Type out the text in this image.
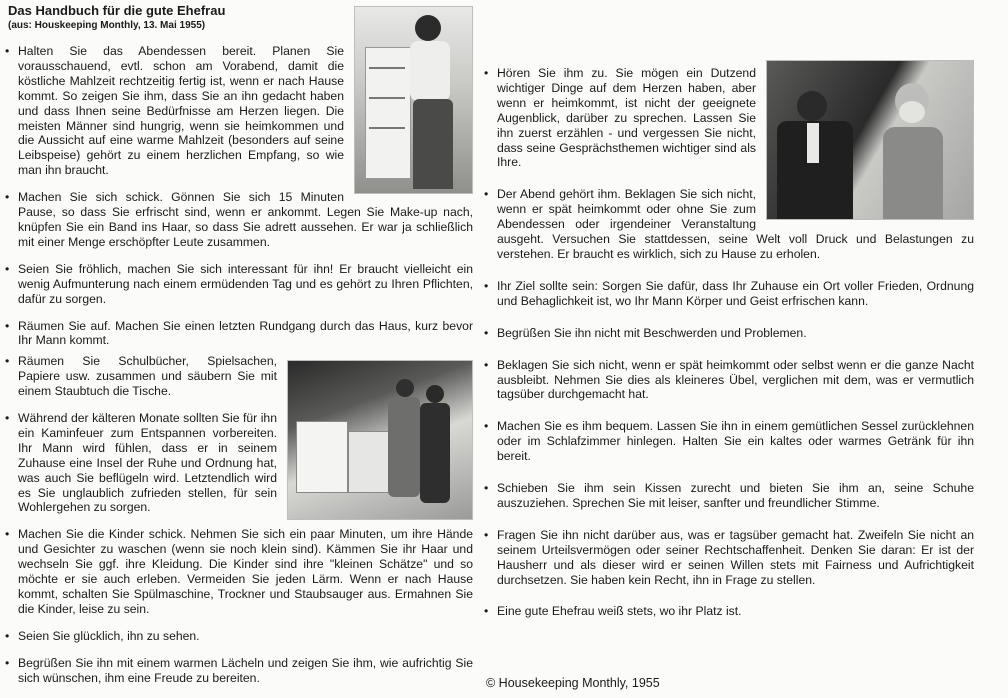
Das Handbuch für die gute Ehefrau
(aus: Houskeeping Monthly, 13. Mai 1955)

• Halten Sie das Abendessen bereit. Planen Sie vorausschauend, evtl. schon am Vorabend, damit die köstliche Mahlzeit rechtzeitig fertig ist, wenn er nach Hause kommt. So zeigen Sie ihm, dass Sie an ihn gedacht haben und dass Ihnen seine Bedürfnisse am Herzen liegen. Die meisten Männer sind hungrig, wenn sie heimkommen und die Aussicht auf eine warme Mahlzeit (besonders auf seine Leibspeise) gehört zu einem herzlichen Empfang, so wie man ihn braucht.

• Machen Sie sich schick. Gönnen Sie sich 15 Minuten Pause, so dass Sie erfrischt sind, wenn er ankommt. Legen Sie Make-up nach, knüpfen Sie ein Band ins Haar, so dass Sie adrett aussehen. Er war ja schließlich mit einer Menge erschöpfter Leute zusammen.

• Seien Sie fröhlich, machen Sie sich interessant für ihn! Er braucht vielleicht ein wenig Aufmunterung nach einem ermüdenden Tag und es gehört zu Ihren Pflichten, dafür zu sorgen.

• Räumen Sie auf. Machen Sie einen letzten Rundgang durch das Haus, kurz bevor Ihr Mann kommt.

• Räumen Sie Schulbücher, Spielsachen, Papiere usw. zusammen und säubern Sie mit einem Staubtuch die Tische.

• Während der kälteren Monate sollten Sie für ihn ein Kaminfeuer zum Entspannen vorbereiten. Ihr Mann wird fühlen, dass er in seinem Zuhause eine Insel der Ruhe und Ordnung hat, was auch Sie beflügeln wird. Letztendlich wird es Sie unglaublich zufrieden stellen, für sein Wohlergehen zu sorgen.

• Machen Sie die Kinder schick. Nehmen Sie sich ein paar Minuten, um ihre Hände und Gesichter zu waschen (wenn sie noch klein sind). Kämmen Sie ihr Haar und wechseln Sie ggf. ihre Kleidung. Die Kinder sind ihre "kleinen Schätze" und so möchte er sie auch erleben. Vermeiden Sie jeden Lärm. Wenn er nach Hause kommt, schalten Sie Spülmaschine, Trockner und Staubsauger aus. Ermahnen Sie die Kinder, leise zu sein.

• Seien Sie glücklich, ihn zu sehen.

• Begrüßen Sie ihn mit einem warmen Lächeln und zeigen Sie ihm, wie aufrichtig Sie sich wünschen, ihm eine Freude zu bereiten.

• Hören Sie ihm zu. Sie mögen ein Dutzend wichtiger Dinge auf dem Herzen haben, aber wenn er heimkommt, ist nicht der geeignete Augenblick, darüber zu sprechen. Lassen Sie ihn zuerst erzählen - und vergessen Sie nicht, dass seine Gesprächsthemen wichtiger sind als Ihre.

• Der Abend gehört ihm. Beklagen Sie sich nicht, wenn er spät heimkommt oder ohne Sie zum Abendessen oder irgendeiner Veranstaltung ausgeht. Versuchen Sie stattdessen, seine Welt voll Druck und Belastungen zu verstehen. Er braucht es wirklich, sich zu Hause zu erholen.

• Ihr Ziel sollte sein: Sorgen Sie dafür, dass Ihr Zuhause ein Ort voller Frieden, Ordnung und Behaglichkeit ist, wo Ihr Mann Körper und Geist erfrischen kann.

• Begrüßen Sie ihn nicht mit Beschwerden und Problemen.

• Beklagen Sie sich nicht, wenn er spät heimkommt oder selbst wenn er die ganze Nacht ausbleibt. Nehmen Sie dies als kleineres Übel, verglichen mit dem, was er vermutlich tagsüber durchgemacht hat.

• Machen Sie es ihm bequem. Lassen Sie ihn in einem gemütlichen Sessel zurücklehnen oder im Schlafzimmer hinlegen. Halten Sie ein kaltes oder warmes Getränk für ihn bereit.

• Schieben Sie ihm sein Kissen zurecht und bieten Sie ihm an, seine Schuhe auszuziehen. Sprechen Sie mit leiser, sanfter und freundlicher Stimme.

• Fragen Sie ihn nicht darüber aus, was er tagsüber gemacht hat. Zweifeln Sie nicht an seinem Urteilsvermögen oder seiner Rechtschaffenheit. Denken Sie daran: Er ist der Hausherr und als dieser wird er seinen Willen stets mit Fairness und Aufrichtigkeit durchsetzen. Sie haben kein Recht, ihn in Frage zu stellen.

• Eine gute Ehefrau weiß stets, wo ihr Platz ist.

© Housekeeping Monthly, 1955
